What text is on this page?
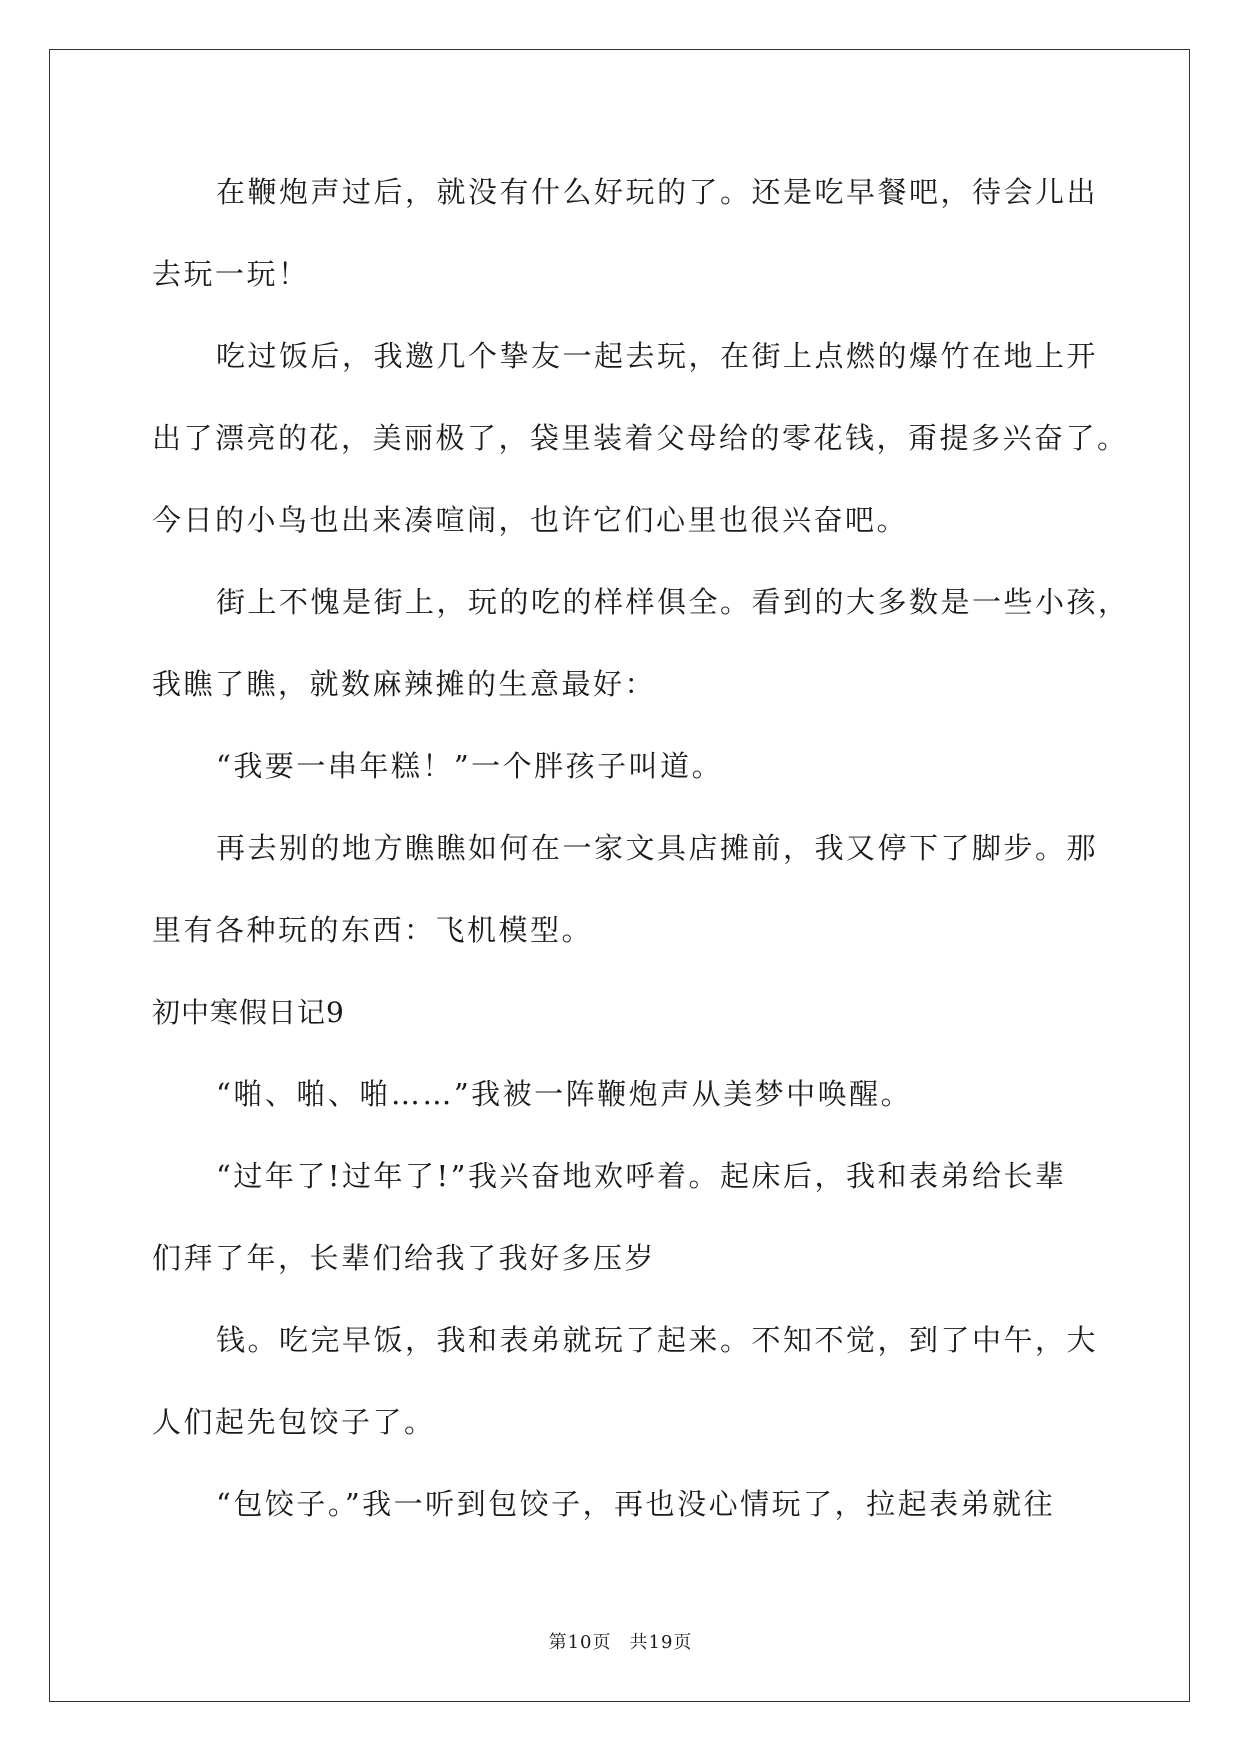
在鞭炮声过后，就没有什么好玩的了。还是吃早餐吧，待会儿出
去玩一玩！
吃过饭后，我邀几个挚友一起去玩，在街上点燃的爆竹在地上开
出了漂亮的花，美丽极了，袋里装着父母给的零花钱，甭提多兴奋了。
今日的小鸟也出来凑喧闹，也许它们心里也很兴奋吧。
街上不愧是街上，玩的吃的样样俱全。看到的大多数是一些小孩，
我瞧了瞧，就数麻辣摊的生意最好：
“我要一串年糕！”一个胖孩子叫道。
再去别的地方瞧瞧如何在一家文具店摊前，我又停下了脚步。那
里有各种玩的东西：飞机模型。
初中寒假日记9
“啪、啪、啪……”我被一阵鞭炮声从美梦中唤醒。
“过年了!过年了!”我兴奋地欢呼着。起床后，我和表弟给长辈
们拜了年，长辈们给我了我好多压岁
钱。吃完早饭，我和表弟就玩了起来。不知不觉，到了中午，大
人们起先包饺子了。
“包饺子。”我一听到包饺子，再也没心情玩了，拉起表弟就往
第10页 共19页
